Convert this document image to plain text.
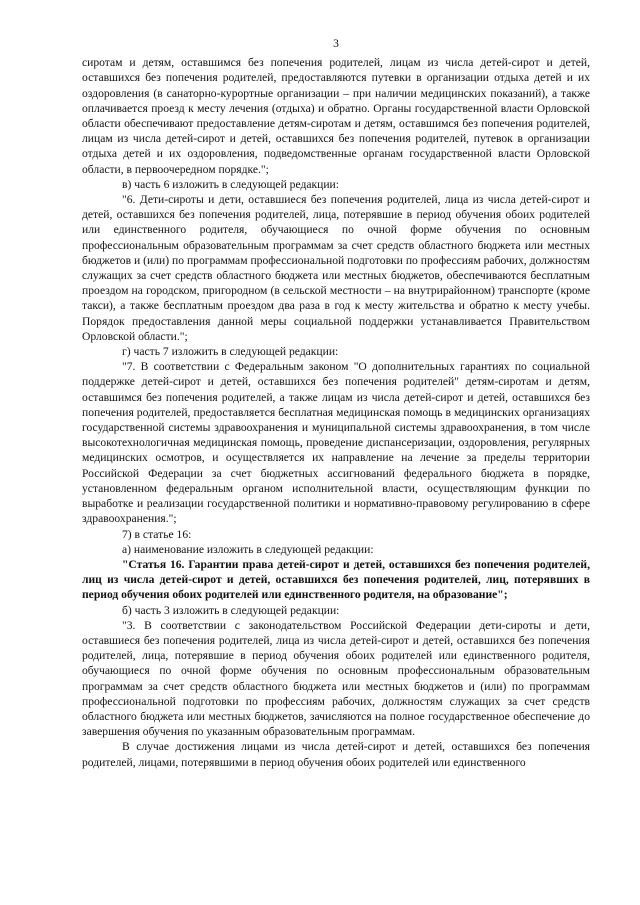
3

сиротам и детям, оставшимся без попечения родителей, лицам из числа детей-сирот и детей, оставшихся без попечения родителей, предоставляются путевки в организации отдыха детей и их оздоровления (в санаторно-курортные организации – при наличии медицинских показаний), а также оплачивается проезд к месту лечения (отдыха) и обратно. Органы государственной власти Орловской области обеспечивают предоставление детям-сиротам и детям, оставшимся без попечения родителей, лицам из числа детей-сирот и детей, оставшихся без попечения родителей, путевок в организации отдыха детей и их оздоровления, подведомственные органам государственной власти Орловской области, в первоочередном порядке.";

в) часть 6 изложить в следующей редакции:

"6. Дети-сироты и дети, оставшиеся без попечения родителей, лица из числа детей-сирот и детей, оставшихся без попечения родителей, лица, потерявшие в период обучения обоих родителей или единственного родителя, обучающиеся по очной форме обучения по основным профессиональным образовательным программам за счет средств областного бюджета или местных бюджетов и (или) по программам профессиональной подготовки по профессиям рабочих, должностям служащих за счет средств областного бюджета или местных бюджетов, обеспечиваются бесплатным проездом на городском, пригородном (в сельской местности – на внутрирайонном) транспорте (кроме такси), а также бесплатным проездом два раза в год к месту жительства и обратно к месту учебы. Порядок предоставления данной меры социальной поддержки устанавливается Правительством Орловской области.";

г) часть 7 изложить в следующей редакции:

"7. В соответствии с Федеральным законом "О дополнительных гарантиях по социальной поддержке детей-сирот и детей, оставшихся без попечения родителей" детям-сиротам и детям, оставшимся без попечения родителей, а также лицам из числа детей-сирот и детей, оставшихся без попечения родителей, предоставляется бесплатная медицинская помощь в медицинских организациях государственной системы здравоохранения и муниципальной системы здравоохранения, в том числе высокотехнологичная медицинская помощь, проведение диспансеризации, оздоровления, регулярных медицинских осмотров, и осуществляется их направление на лечение за пределы территории Российской Федерации за счет бюджетных ассигнований федерального бюджета в порядке, установленном федеральным органом исполнительной власти, осуществляющим функции по выработке и реализации государственной политики и нормативно-правовому регулированию в сфере здравоохранения.";

7) в статье 16:

а) наименование изложить в следующей редакции:

"Статья 16. Гарантии права детей-сирот и детей, оставшихся без попечения родителей, лиц из числа детей-сирот и детей, оставшихся без попечения родителей, лиц, потерявших в период обучения обоих родителей или единственного родителя, на образование";

б) часть 3 изложить в следующей редакции:

"3. В соответствии с законодательством Российской Федерации дети-сироты и дети, оставшиеся без попечения родителей, лица из числа детей-сирот и детей, оставшихся без попечения родителей, лица, потерявшие в период обучения обоих родителей или единственного родителя, обучающиеся по очной форме обучения по основным профессиональным образовательным программам за счет средств областного бюджета или местных бюджетов и (или) по программам профессиональной подготовки по профессиям рабочих, должностям служащих за счет средств областного бюджета или местных бюджетов, зачисляются на полное государственное обеспечение до завершения обучения по указанным образовательным программам.

В случае достижения лицами из числа детей-сирот и детей, оставшихся без попечения родителей, лицами, потерявшими в период обучения обоих родителей или единственного
